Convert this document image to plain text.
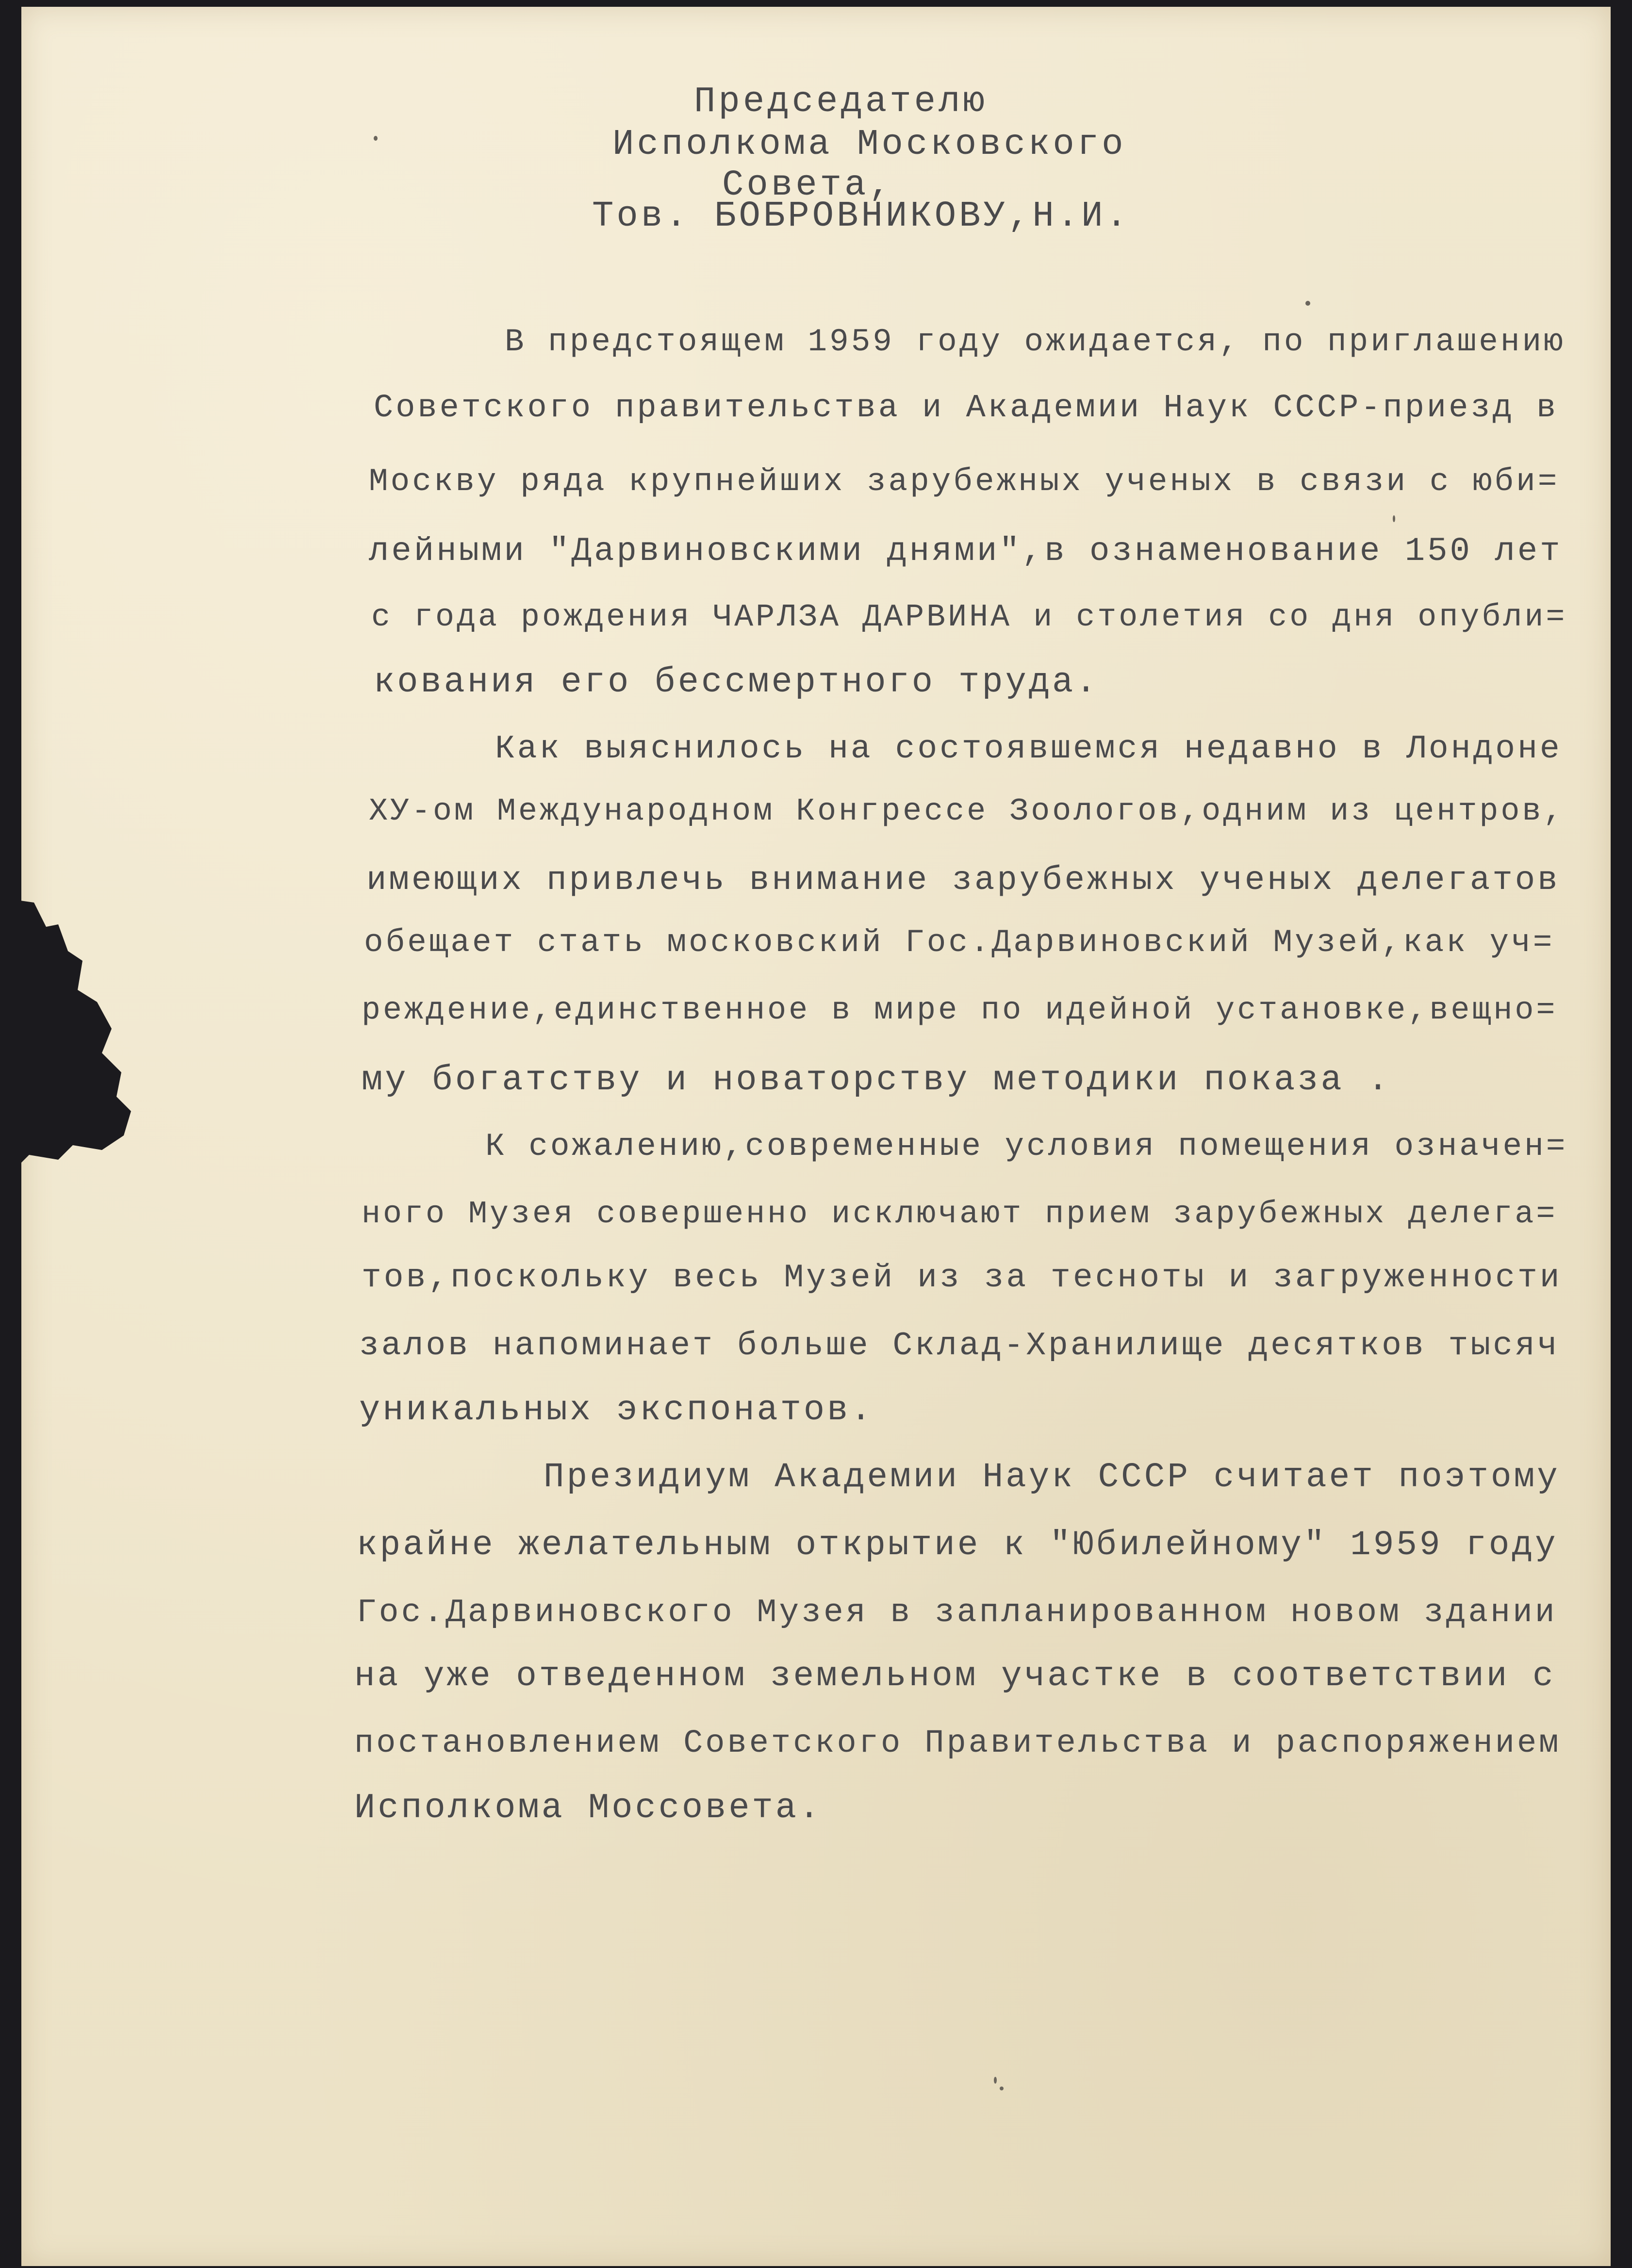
Председателю
Исполкома Московского
Совета,
Тов. БОБРОВНИКОВУ,Н.И.
В предстоящем 1959 году ожидается, по приглашению
Советского правительства и Академии Наук СССР-приезд в
Москву ряда крупнейших зарубежных ученых в связи с юби=
лейными "Дарвиновскими днями",в ознаменование 150 лет
с года рождения ЧАРЛЗА ДАРВИНА и столетия со дня опубли=
кования его бессмертного труда.
Как выяснилось на состоявшемся недавно в Лондоне
ХУ-ом Международном Конгрессе Зоологов,одним из центров,
имеющих привлечь внимание зарубежных ученых делегатов
обещает стать московский Гос.Дарвиновский Музей,как уч=
реждение,единственное в мире по идейной установке,вещно=
му богатству и новаторству методики показа .
К сожалению,современные условия помещения означен=
ного Музея совершенно исключают прием зарубежных делега=
тов,поскольку весь Музей из за тесноты и загруженности
залов напоминает больше Склад-Хранилище десятков тысяч
уникальных экспонатов.
Президиум Академии Наук СССР считает поэтому
крайне желательным открытие к "Юбилейному" 1959 году
Гос.Дарвиновского Музея в запланированном новом здании
на уже отведенном земельном участке в соответствии с
постановлением Советского Правительства и распоряжением
Исполкома Моссовета.
